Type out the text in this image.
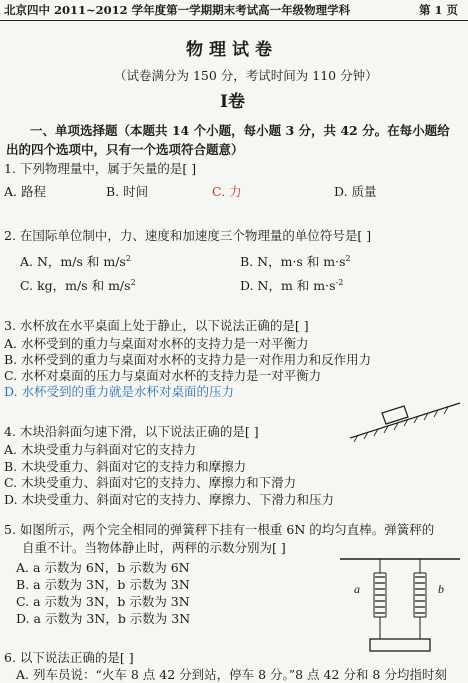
北京四中 2011~2012 学年度第一学期期末考试高一年级物理学科	第 1 页
物理试卷
（试卷满分为 150 分，考试时间为 110 分钟）
Ⅰ卷
一、单项选择题（本题共 14 个小题，每小题 3 分，共 42 分。在每小题给
出的四个选项中，只有一个选项符合题意）
1. 下列物理量中，属于矢量的是[ ]
A. 路程	B. 时间	C. 力	D. 质量
2. 在国际单位制中，力、速度和加速度三个物理量的单位符号是[ ]
A. N，m/s 和 $m/s^2$	B. N，m·s 和 $m\cdot s^2$
C. kg，m/s 和 $m/s^2$	D. N，m 和 $m\cdot s^{-2}$
3. 水杯放在水平桌面上处于静止，以下说法正确的是[ ]
A. 水杯受到的重力与桌面对水杯的支持力是一对平衡力
B. 水杯受到的重力与桌面对水杯的支持力是一对作用力和反作用力
C. 水杯对桌面的压力与桌面对水杯的支持力是一对平衡力
D. 水杯受到的重力就是水杯对桌面的压力
4. 木块沿斜面匀速下滑，以下说法正确的是[ ]
A. 木块受重力与斜面对它的支持力
B. 木块受重力、斜面对它的支持力和摩擦力
C. 木块受重力、斜面对它的支持力、摩擦力和下滑力
D. 木块受重力、斜面对它的支持力、摩擦力、下滑力和压力
5. 如图所示，两个完全相同的弹簧秤下挂有一根重 6N 的均匀直棒。弹簧秤的
自重不计。当物体静止时，两秤的示数分别为[ ]
A. a 示数为 6N，b 示数为 6N
B. a 示数为 3N，b 示数为 3N
C. a 示数为 3N，b 示数为 3N
D. a 示数为 3N，b 示数为 3N
a	b
6. 以下说法正确的是[ ]
A. 列车员说：“火车 8 点 42 分到站，停车 8 分。”8 点 42 分和 8 分均指时刻
